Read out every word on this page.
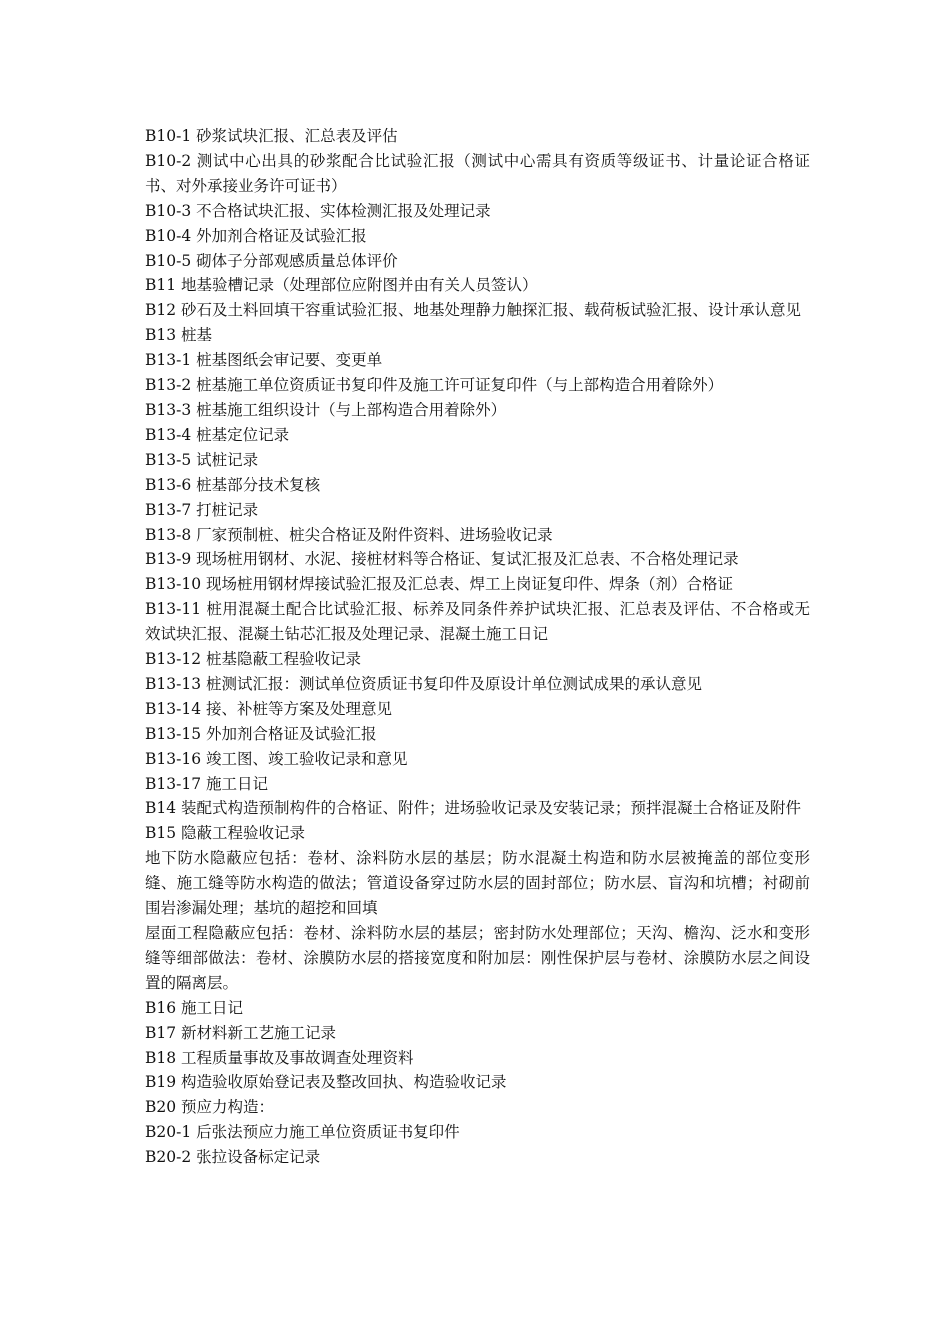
B10-1 砂浆试块汇报、汇总表及评估

B10-2 测试中心出具的砂浆配合比试验汇报（测试中心需具有资质等级证书、计量论证合格证书、对外承接业务许可证书）

B10-3 不合格试块汇报、实体检测汇报及处理记录

B10-4 外加剂合格证及试验汇报

B10-5 砌体子分部观感质量总体评价

B11 地基验槽记录（处理部位应附图并由有关人员签认）

B12 砂石及土料回填干容重试验汇报、地基处理静力触探汇报、载荷板试验汇报、设计承认意见

B13 桩基

B13-1 桩基图纸会审记要、变更单

B13-2 桩基施工单位资质证书复印件及施工许可证复印件（与上部构造合用着除外）

B13-3 桩基施工组织设计（与上部构造合用着除外）

B13-4 桩基定位记录

B13-5 试桩记录

B13-6 桩基部分技术复核

B13-7 打桩记录

B13-8 厂家预制桩、桩尖合格证及附件资料、进场验收记录

B13-9 现场桩用钢材、水泥、接桩材料等合格证、复试汇报及汇总表、不合格处理记录

B13-10 现场桩用钢材焊接试验汇报及汇总表、焊工上岗证复印件、焊条（剂）合格证

B13-11 桩用混凝土配合比试验汇报、标养及同条件养护试块汇报、汇总表及评估、不合格或无效试块汇报、混凝土钻芯汇报及处理记录、混凝土施工日记

B13-12 桩基隐蔽工程验收记录

B13-13 桩测试汇报：测试单位资质证书复印件及原设计单位测试成果的承认意见

B13-14 接、补桩等方案及处理意见

B13-15 外加剂合格证及试验汇报

B13-16 竣工图、竣工验收记录和意见

B13-17 施工日记

B14 装配式构造预制构件的合格证、附件；进场验收记录及安装记录；预拌混凝土合格证及附件

B15 隐蔽工程验收记录

地下防水隐蔽应包括：卷材、涂料防水层的基层；防水混凝土构造和防水层被掩盖的部位变形缝、施工缝等防水构造的做法；管道设备穿过防水层的固封部位；防水层、盲沟和坑槽；衬砌前围岩渗漏处理；基坑的超挖和回填

屋面工程隐蔽应包括：卷材、涂料防水层的基层；密封防水处理部位；天沟、檐沟、泛水和变形缝等细部做法：卷材、涂膜防水层的搭接宽度和附加层：刚性保护层与卷材、涂膜防水层之间设置的隔离层。

B16 施工日记

B17 新材料新工艺施工记录

B18 工程质量事故及事故调查处理资料

B19 构造验收原始登记表及整改回执、构造验收记录

B20 预应力构造：

B20-1 后张法预应力施工单位资质证书复印件

B20-2 张拉设备标定记录
